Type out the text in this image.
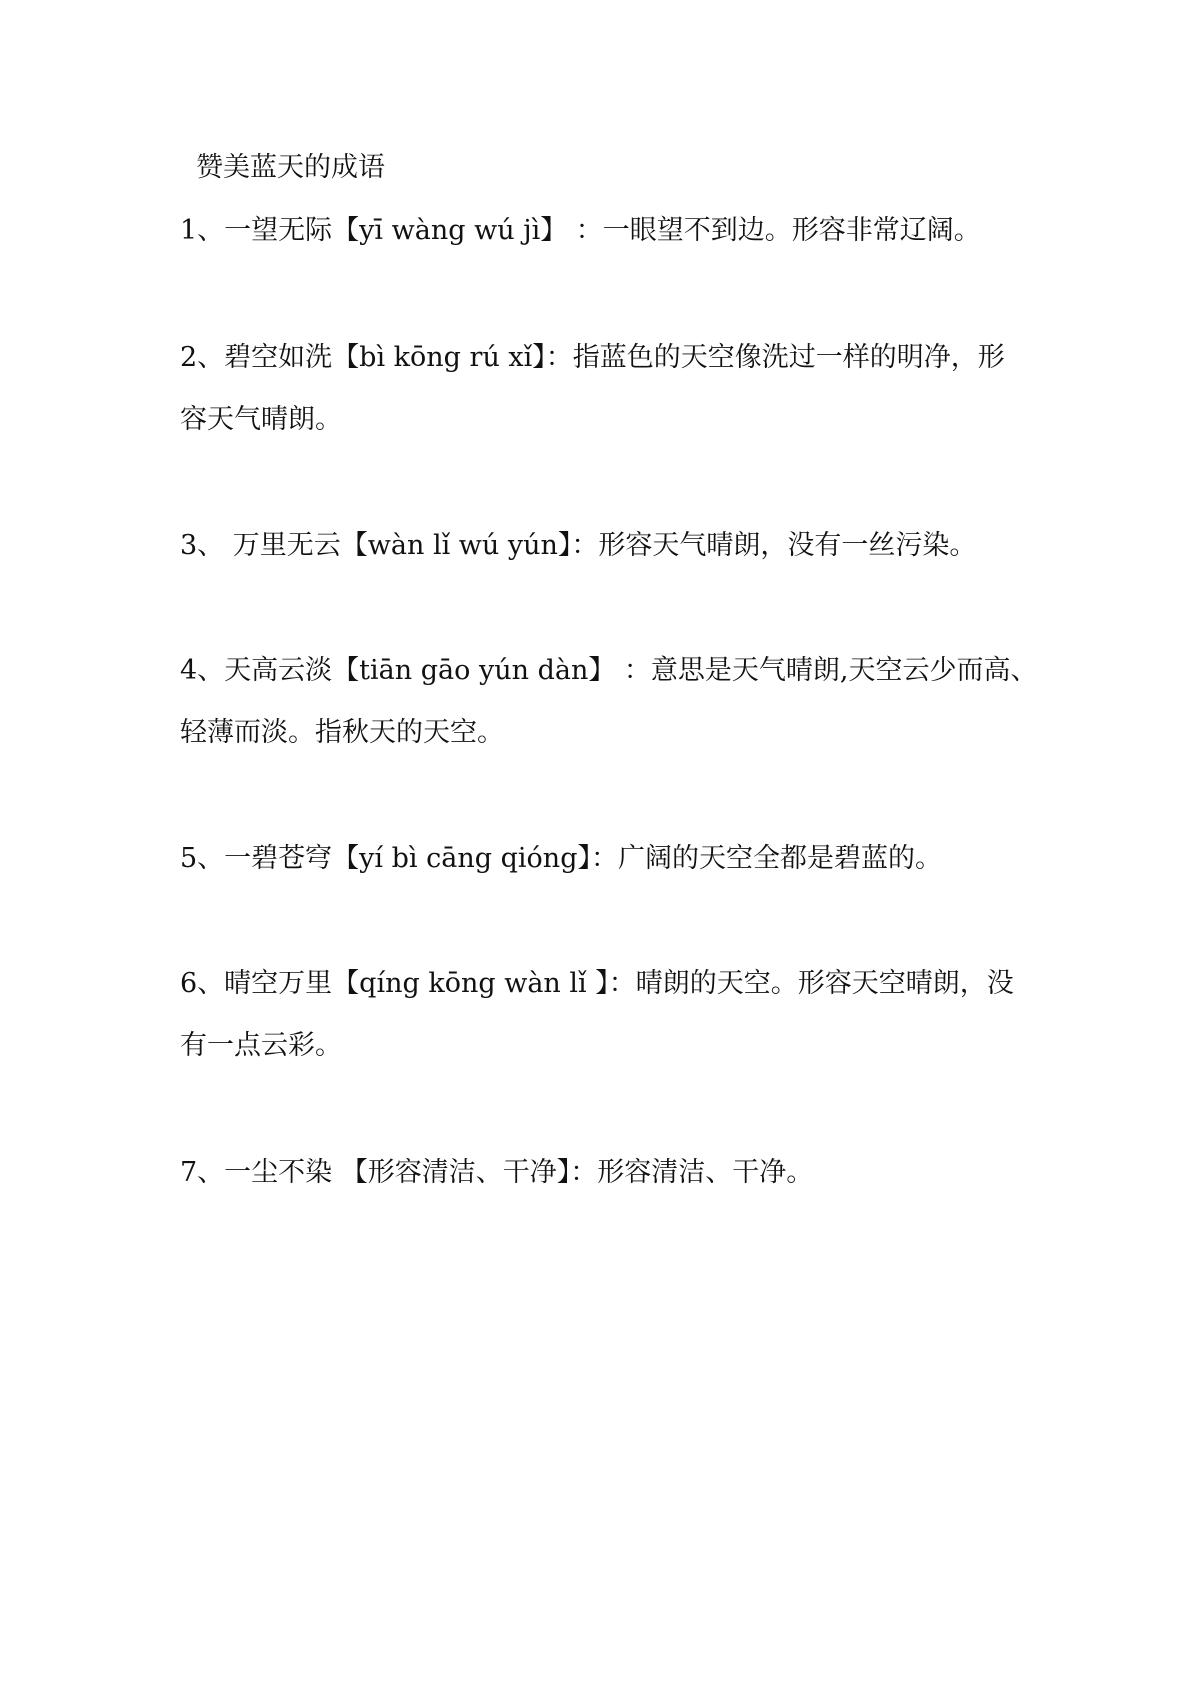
赞美蓝天的成语

1、一望无际【yī wàng wú jì】 ：一眼望不到边。形容非常辽阔。

2、碧空如洗【bì kōng rú xǐ】：指蓝色的天空像洗过一样的明净，形

容天气晴朗。

3、 万里无云【wàn lǐ wú yún】：形容天气晴朗，没有一丝污染。

4、天高云淡【tiān gāo yún dàn】 ：意思是天气晴朗,天空云少而高、

轻薄而淡。指秋天的天空。

5、一碧苍穹【yí bì cāng qióng】：广阔的天空全都是碧蓝的。

6、晴空万里【qíng kōng wàn lǐ 】：晴朗的天空。形容天空晴朗，没

有一点云彩。

7、一尘不染 【形容清洁、干净】：形容清洁、干净。
